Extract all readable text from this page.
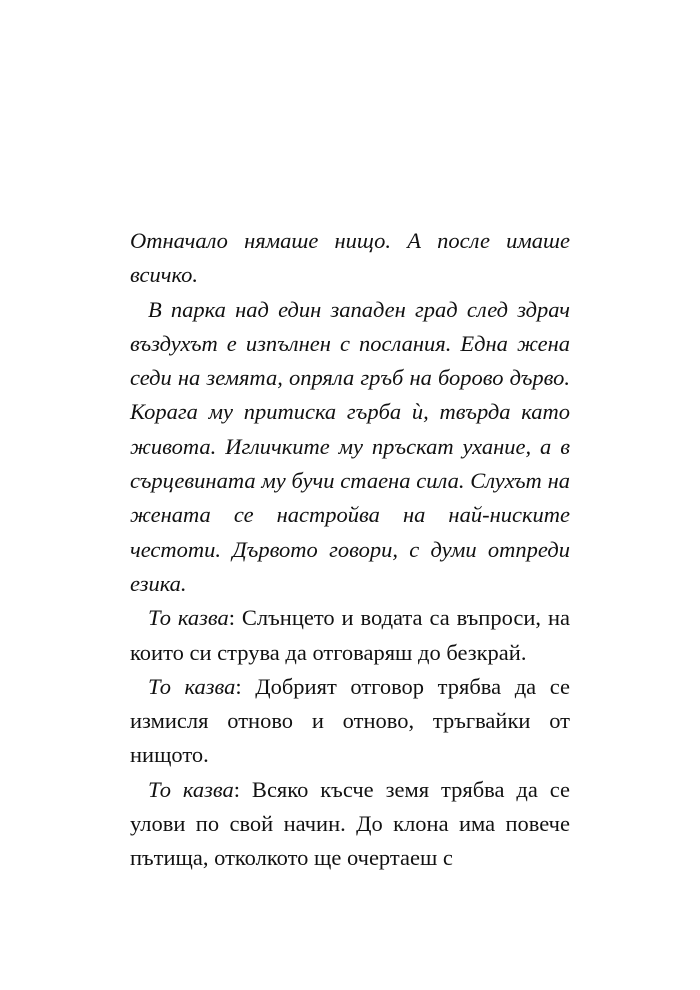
Отначало нямаше нищо. А после имаше всичко.

В парка над един западен град след здрач въздухът е изпълнен с послания. Една жена седи на земята, опряла гръб на борово дърво. Корага му притиска гърба ѝ, твърда като живота. Игличките му пръскат ухание, а в сърцевината му бучи стаена сила. Слухът на жената се настройва на най-ниските честоти. Дървото говори, с думи отпреди езика.

То казва: Слънцето и водата са въпроси, на които си струва да отговаряш до безкрай.

То казва: Добрият отговор трябва да се измисля отново и отново, тръгвайки от нищото.

То казва: Всяко късче земя трябва да се улови по свой начин. До клона има повече пътища, отколкото ще очертаеш с
